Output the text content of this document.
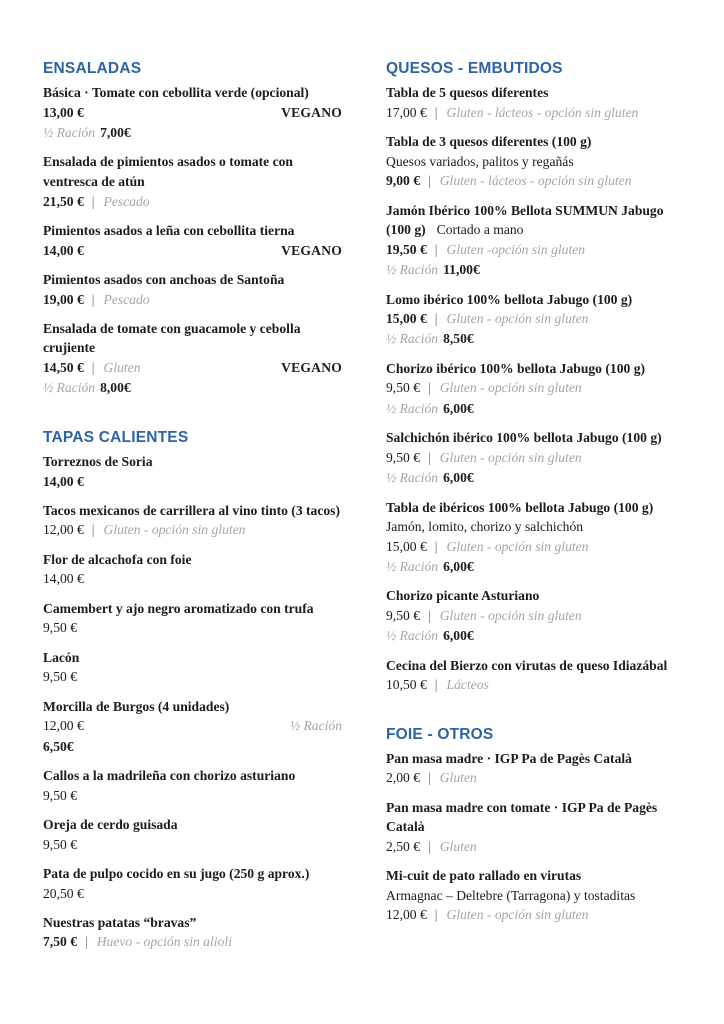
ENSALADAS
Básica · Tomate con cebollita verde (opcional)
13,00 €	VEGANO
½ Ración 7,00€
Ensalada de pimientos asados o tomate con ventresca de atún
21,50 € | Pescado
Pimientos asados a leña con cebollita tierna
14,00 €	VEGANO
Pimientos asados con anchoas de Santoña
19,00 € | Pescado
Ensalada de tomate con guacamole y cebolla crujiente
14,50 € | Gluten	VEGANO
½ Ración 8,00€
TAPAS CALIENTES
Torreznos de Soria
14,00 €
Tacos mexicanos de carrillera al vino tinto (3 tacos)
12,00 € | Gluten - opción sin gluten
Flor de alcachofa con foie
14,00 €
Camembert y ajo negro aromatizado con trufa
9,50 €
Lacón
9,50 €
Morcilla de Burgos (4 unidades)
12,00 €	½ Ración
6,50€
Callos a la madrileña con chorizo asturiano
9,50 €
Oreja de cerdo guisada
9,50 €
Pata de pulpo cocido en su jugo (250 g aprox.)
20,50 €
Nuestras patatas “bravas”
7,50 € | Huevo - opción sin alioli
QUESOS - EMBUTIDOS
Tabla de 5 quesos diferentes
17,00 € | Gluten - lácteos - opción sin gluten
Tabla de 3 quesos diferentes (100 g)
Quesos variados, palitos y regañás
9,00 € | Gluten - lácteos - opción sin gluten
Jamón Ibérico 100% Bellota SUMMUN Jabugo (100 g) Cortado a mano
19,50 € | Gluten -opción sin gluten
½ Ración 11,00€
Lomo ibérico 100% bellota Jabugo (100 g)
15,00 € | Gluten - opción sin gluten
½ Ración 8,50€
Chorizo ibérico 100% bellota Jabugo (100 g)
9,50 € | Gluten - opción sin gluten
½ Ración 6,00€
Salchichón ibérico 100% bellota Jabugo (100 g)
9,50 € | Gluten - opción sin gluten
½ Ración 6,00€
Tabla de ibéricos 100% bellota Jabugo (100 g)
Jamón, lomito, chorizo y salchichón
15,00 € | Gluten - opción sin gluten
½ Ración 6,00€
Chorizo picante Asturiano
9,50 € | Gluten - opción sin gluten
½ Ración 6,00€
Cecina del Bierzo con virutas de queso Idiazábal
10,50 € | Lácteos
FOIE - OTROS
Pan masa madre · IGP Pa de Pagès Català
2,00 € | Gluten
Pan masa madre con tomate · IGP Pa de Pagès Català
2,50 € | Gluten
Mi-cuit de pato rallado en virutas
Armagnac – Deltebre (Tarragona) y tostaditas
12,00 € | Gluten - opción sin gluten
